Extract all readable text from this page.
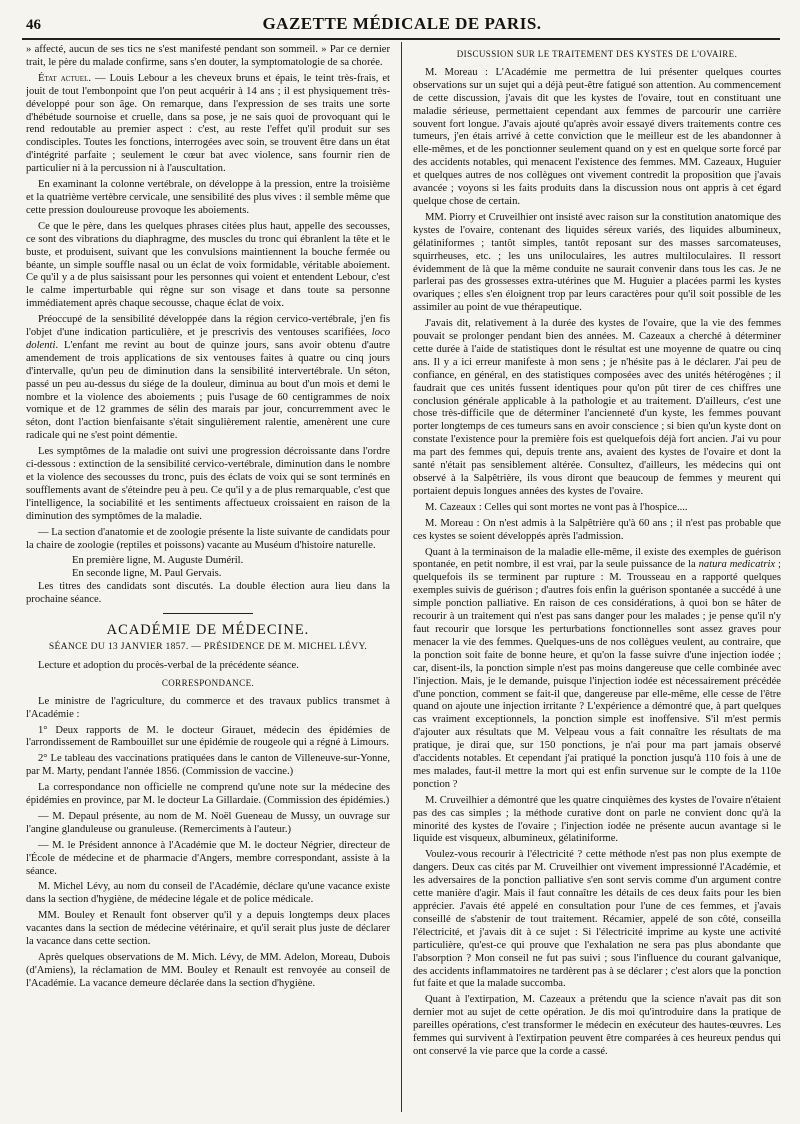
46	GAZETTE MÉDICALE DE PARIS.

» affecté, aucun de ses tics ne s'est manifesté pendant son sommeil. » Par ce dernier trait, le père du malade confirme, sans s'en douter, la symptomatologie de sa chorée.

État actuel. — Louis Lebour a les cheveux bruns et épais, le teint très-frais, et jouit de tout l'embonpoint que l'on peut acquérir à 14 ans ; il est physiquement très-développé pour son âge. On remarque, dans l'expression de ses traits une sorte d'hébétude sournoise et cruelle, dans sa pose, je ne sais quoi de provoquant qui le rend redoutable au premier aspect : c'est, au reste l'effet qu'il produit sur ses condisciples. Toutes les fonctions, interrogées avec soin, se trouvent être dans un état d'intégrité parfaite ; seulement le cœur bat avec violence, sans fournir rien de particulier ni à la percussion ni à l'auscultation.

En examinant la colonne vertébrale, on développe à la pression, entre la troisième et la quatrième vertèbre cervicale, une sensibilité des plus vives : il semble même que cette pression douloureuse provoque les aboiements.

Ce que le père, dans les quelques phrases citées plus haut, appelle des secousses, ce sont des vibrations du diaphragme, des muscles du tronc qui ébranlent la tête et le buste, et produisent, suivant que les convulsions maintiennent la bouche fermée ou béante, un simple souffle nasal ou un éclat de voix formidable, véritable aboiement. Ce qu'il y a de plus saisissant pour les personnes qui voient et entendent Lebour, c'est le calme imperturbable qui règne sur son visage et dans toute sa personne immédiatement après chaque secousse, chaque éclat de voix.

Préoccupé de la sensibilité développée dans la région cervico-vertébrale, j'en fis l'objet d'une indication particulière, et je prescrivis des ventouses scarifiées, loco dolenti. L'enfant me revint au bout de quinze jours, sans avoir obtenu d'autre amendement de trois applications de six ventouses faites à quatre ou cinq jours d'intervalle, qu'un peu de diminution dans la sensibilité intervertébrale. Un séton, passé un peu au-dessus du siége de la douleur, diminua au bout d'un mois et demi le nombre et la violence des aboiements ; puis l'usage de 60 centigrammes de noix vomique et de 12 grammes de sélin des marais par jour, concurremment avec le séton, dont l'action bienfaisante s'était singulièrement ralentie, amenèrent une cure radicale qui ne s'est point démentie.

Les symptômes de la maladie ont suivi une progression décroissante dans l'ordre ci-dessous : extinction de la sensibilité cervico-vertébrale, diminution dans le nombre et la violence des secousses du tronc, puis des éclats de voix qui se sont terminés en soufflements avant de s'éteindre peu à peu. Ce qu'il y a de plus remarquable, c'est que l'intelligence, la sociabilité et les sentiments affectueux croissaient en raison de la diminution des symptômes de la maladie.

— La section d'anatomie et de zoologie présente la liste suivante de candidats pour la chaire de zoologie (reptiles et poissons) vacante au Muséum d'histoire naturelle.

En première ligne, M. Auguste Duméril.

En seconde ligne, M. Paul Gervais.

Les titres des candidats sont discutés. La double élection aura lieu dans la prochaine séance.

ACADÉMIE DE MÉDECINE.
SÉANCE DU 13 JANVIER 1857. — PRÉSIDENCE DE M. MICHEL LÉVY.

Lecture et adoption du procès-verbal de la précédente séance.

CORRESPONDANCE.

Le ministre de l'agriculture, du commerce et des travaux publics transmet à l'Académie :

1° Deux rapports de M. le docteur Girauet, médecin des épidémies de l'arrondissement de Rambouillet sur une épidémie de rougeole qui a régné à Limours.

2° Le tableau des vaccinations pratiquées dans le canton de Villeneuve-sur-Yonne, par M. Marty, pendant l'année 1856. (Commission de vaccine.)

La correspondance non officielle ne comprend qu'une note sur la médecine des épidémies en province, par M. le docteur La Gillardaie. (Commission des épidémies.)

— M. Depaul présente, au nom de M. Noël Gueneau de Mussy, un ouvrage sur l'angine glanduleuse ou granuleuse. (Remerciments à l'auteur.)

— M. le Président annonce à l'Académie que M. le docteur Négrier, directeur de l'École de médecine et de pharmacie d'Angers, membre correspondant, assiste à la séance.

M. Michel Lévy, au nom du conseil de l'Académie, déclare qu'une vacance existe dans la section d'hygiène, de médecine légale et de police médicale.

MM. Bouley et Renault font observer qu'il y a depuis longtemps deux places vacantes dans la section de médecine vétérinaire, et qu'il serait plus juste de déclarer la vacance dans cette section.

Après quelques observations de M. Mich. Lévy, de MM. Adelon, Moreau, Dubois (d'Amiens), la réclamation de MM. Bouley et Renault est renvoyée au conseil de l'Académie. La vacance demeure déclarée dans la section d'hygiène.

DISCUSSION SUR LE TRAITEMENT DES KYSTES DE L'OVAIRE.

M. Moreau : L'Académie me permettra de lui présenter quelques courtes observations sur un sujet qui a déjà peut-être fatigué son attention. Au commencement de cette discussion, j'avais dit que les kystes de l'ovaire, tout en constituant une maladie sérieuse, permettaient cependant aux femmes de parcourir une carrière souvent fort longue. J'avais ajouté qu'après avoir essayé divers traitements contre ces tumeurs, j'en étais arrivé à cette conviction que le meilleur est de les abandonner à elle-mêmes, et de les ponctionner seulement quand on y est en quelque sorte forcé par des accidents notables, qui menacent l'existence des femmes. MM. Cazeaux, Huguier et quelques autres de nos collègues ont vivement contredit la proposition que j'avais avancée ; voyons si les faits produits dans la discussion nous ont appris à cet égard quelque chose de certain.

MM. Piorry et Cruveilhier ont insisté avec raison sur la constitution anatomique des kystes de l'ovaire, contenant des liquides séreux variés, des liquides albumineux, gélatiniformes ; tantôt simples, tantôt reposant sur des masses sarcomateuses, squirrheuses, etc. ; les uns uniloculaires, les autres multiloculaires. Il ressort évidemment de là que la même conduite ne saurait convenir dans tous les cas. Je ne parlerai pas des grossesses extra-utérines que M. Huguier a placées parmi les kystes ovariques ; elles s'en éloignent trop par leurs caractères pour qu'il soit possible de les assimiler au point de vue thérapeutique.

J'avais dit, relativement à la durée des kystes de l'ovaire, que la vie des femmes pouvait se prolonger pendant bien des années. M. Cazeaux a cherché à déterminer cette durée à l'aide de statistiques dont le résultat est une moyenne de quatre ou cinq ans. Il y a ici erreur manifeste à mon sens ; je n'hésite pas à le déclarer. J'ai peu de confiance, en général, en des statistiques composées avec des unités hétérogènes ; il faudrait que ces unités fussent identiques pour qu'on pût tirer de ces chiffres une conclusion générale applicable à la pathologie et au traitement. D'ailleurs, c'est une chose très-difficile que de déterminer l'ancienneté d'un kyste, les femmes pouvant porter longtemps de ces tumeurs sans en avoir conscience ; si bien qu'un kyste dont on constate l'existence pour la première fois est quelquefois déjà fort ancien. J'ai vu pour ma part des femmes qui, depuis trente ans, avaient des kystes de l'ovaire et dont la santé n'était pas sensiblement altérée. Consultez, d'ailleurs, les médecins qui ont observé à la Salpêtrière, ils vous diront que beaucoup de femmes y meurent qui portaient depuis longues années des kystes de l'ovaire.

M. Cazeaux : Celles qui sont mortes ne vont pas à l'hospice....

M. Moreau : On n'est admis à la Salpêtrière qu'à 60 ans ; il n'est pas probable que ces kystes se soient développés après l'admission.

Quant à la terminaison de la maladie elle-même, il existe des exemples de guérison spontanée, en petit nombre, il est vrai, par la seule puissance de la natura medicatrix ; quelquefois ils se terminent par rupture : M. Trousseau en a rapporté quelques exemples suivis de guérison ; d'autres fois enfin la guérison spontanée a succédé à une simple ponction palliative. En raison de ces considérations, à quoi bon se hâter de recourir à un traitement qui n'est pas sans danger pour les malades ; je pense qu'il n'y faut recourir que lorsque les perturbations fonctionnelles sont assez graves pour menacer la vie des femmes. Quelques-uns de nos collègues veulent, au contraire, que la ponction soit faite de bonne heure, et qu'on la fasse suivre d'une injection iodée ; car, disent-ils, la ponction simple n'est pas moins dangereuse que celle combinée avec l'injection. Mais, je le demande, puisque l'injection iodée est nécessairement précédée d'une ponction, comment se fait-il que, dangereuse par elle-même, elle cesse de l'être quand on ajoute une injection irritante ? L'expérience a démontré que, à part quelques cas vraiment exceptionnels, la ponction simple est inoffensive. S'il m'est permis d'ajouter aux résultats que M. Velpeau vous a fait connaître les résultats de ma pratique, je dirai que, sur 150 ponctions, je n'ai pour ma part jamais observé d'accidents notables. Et cependant j'ai pratiqué la ponction jusqu'à 110 fois à une de mes malades, faut-il mettre la mort qui est enfin survenue sur le compte de la 110e ponction ?

M. Cruveilhier a démontré que les quatre cinquièmes des kystes de l'ovaire n'étaient pas des cas simples ; la méthode curative dont on parle ne convient donc qu'à la minorité des kystes de l'ovaire ; l'injection iodée ne présente aucun avantage si le liquide est visqueux, albumineux, gélatiniforme.

Voulez-vous recourir à l'électricité ? cette méthode n'est pas non plus exempte de dangers. Deux cas cités par M. Cruveilhier ont vivement impressionné l'Académie, et les adversaires de la ponction palliative s'en sont servis comme d'un argument contre cette manière d'agir. Mais il faut connaître les détails de ces deux faits pour les bien apprécier. J'avais été appelé en consultation pour l'une de ces femmes, et j'avais conseillé de s'abstenir de tout traitement. Récamier, appelé de son côté, conseilla l'électricité, et j'avais dit à ce sujet : Si l'électricité imprime au kyste une activité particulière, qu'est-ce qui prouve que l'exhalation ne sera pas plus abondante que l'absorption ? Mon conseil ne fut pas suivi ; sous l'influence du courant galvanique, des accidents inflammatoires ne tardèrent pas à se déclarer ; c'est alors que la ponction fut faite et que la malade succomba.

Quant à l'extirpation, M. Cazeaux a prétendu que la science n'avait pas dit son dernier mot au sujet de cette opération. Je dis moi qu'introduire dans la pratique de pareilles opérations, c'est transformer le médecin en exécuteur des hautes-œuvres. Les femmes qui survivent à l'extirpation peuvent être comparées à ces heureux pendus qui ont conservé la vie parce que la corde a cassé.
